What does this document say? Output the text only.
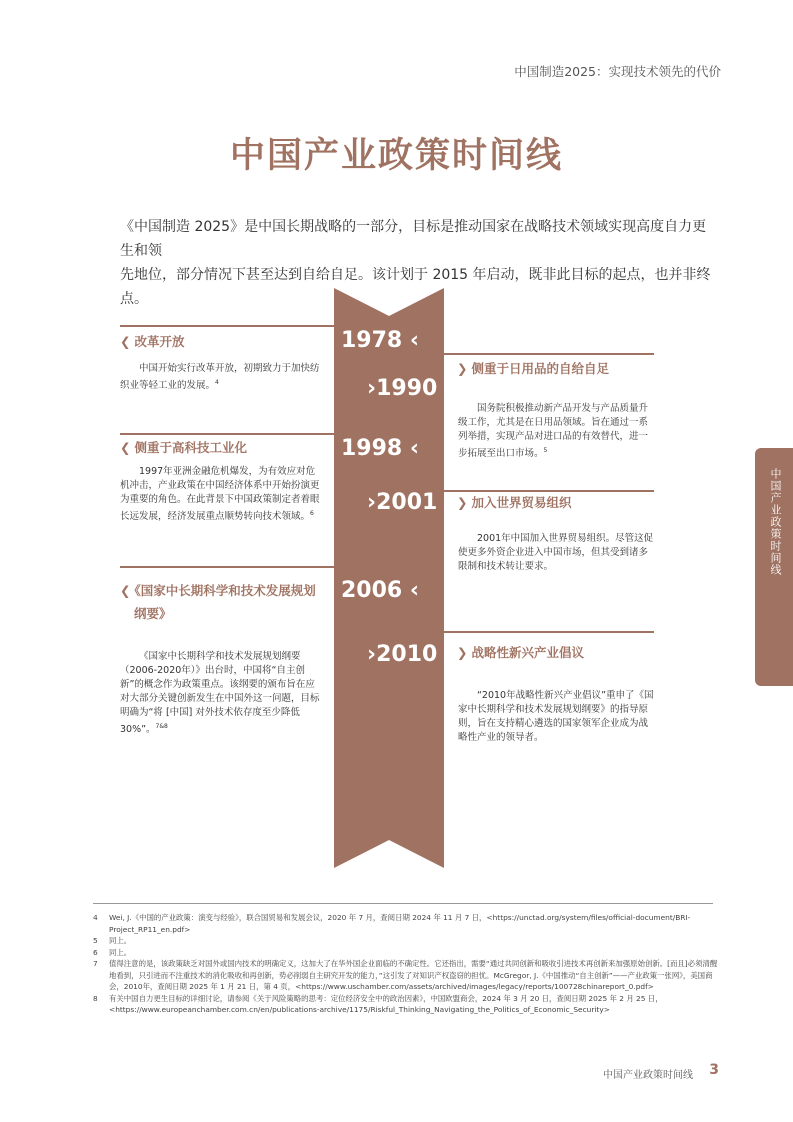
中国制造2025：实现技术领先的代价
中国产业政策时间线

《中国制造 2025》是中国长期战略的一部分，目标是推动国家在战略技术领域实现高度自力更生和领

先地位，部分情况下甚至达到自给自足。该计划于 2015 年启动，既非此目标的起点，也并非终点。

1978 ‹
›1990
1998 ‹
›2001
2006 ‹
›2010
❮ 改革开放

中国开始实行改革开放，初期致力于加快纺织业等轻工业的发展。$^4$

❯ 侧重于日用品的自给自足

国务院积极推动新产品开发与产品质量升级工作，尤其是在日用品领域。旨在通过一系列举措，实现产品对进口品的有效替代，进一步拓展至出口市场。$^5$

❮ 侧重于高科技工业化

1997年亚洲金融危机爆发，为有效应对危机冲击，产业政策在中国经济体系中开始扮演更为重要的角色。在此背景下中国政策制定者着眼长远发展，经济发展重点顺势转向技术领域。$^6$

❯ 加入世界贸易组织

2001年中国加入世界贸易组织。尽管这促使更多外资企业进入中国市场，但其受到诸多限制和技术转让要求。

❮ 《国家中长期科学和技术发展规划
纲要》

《国家中长期科学和技术发展规划纲要（2006-2020年）》出台时，中国将“自主创新”的概念作为政策重点。该纲要的颁布旨在应对大部分关键创新发生在中国外这一问题，目标明确为“将 [中国] 对外技术依存度至少降低30%”。$^{7\&8}$

❯ 战略性新兴产业倡议

“2010年战略性新兴产业倡议”重申了《国家中长期科学和技术发展规划纲要》的指导原则，旨在支持精心遴选的国家领军企业成为战略性产业的领导者。

中国产业政策时间线
4	Wei, J.《中国的产业政策：演变与经验》，联合国贸易和发展会议，2020 年 7 月，查阅日期 2024 年 11 月 7 日，<https://unctad.org/system/files/official-document/BRI-Project_RP11_en.pdf>
5	同上。
6	同上。
7	值得注意的是，该政策缺乏对国外或国内技术的明确定义，这加大了在华外国企业面临的不确定性。它还指出，需要“通过共同创新和吸收引进技术再创新来加强原始创新。[而且]必须清醒地看到，只引进而不注重技术的消化吸收和再创新，势必削弱自主研究开发的能力，”这引发了对知识产权盗窃的担忧。McGregor, J.《中国推动“自主创新”——产业政策一张网》，美国商会，2010年，查阅日期 2025 年 1 月 21 日，第 4 页，<https://www.uschamber.com/assets/archived/images/legacy/reports/100728chinareport_0.pdf>
8	有关中国自力更生目标的详细讨论，请参阅《关于风险策略的思考：定位经济安全中的政治因素》，中国欧盟商会，2024 年 3 月 20 日，查阅日期 2025 年 2 月 25 日，<https://www.europeanchamber.com.cn/en/publications-archive/1175/Riskful_Thinking_Navigating_the_Politics_of_Economic_Security>
中国产业政策时间线 3
